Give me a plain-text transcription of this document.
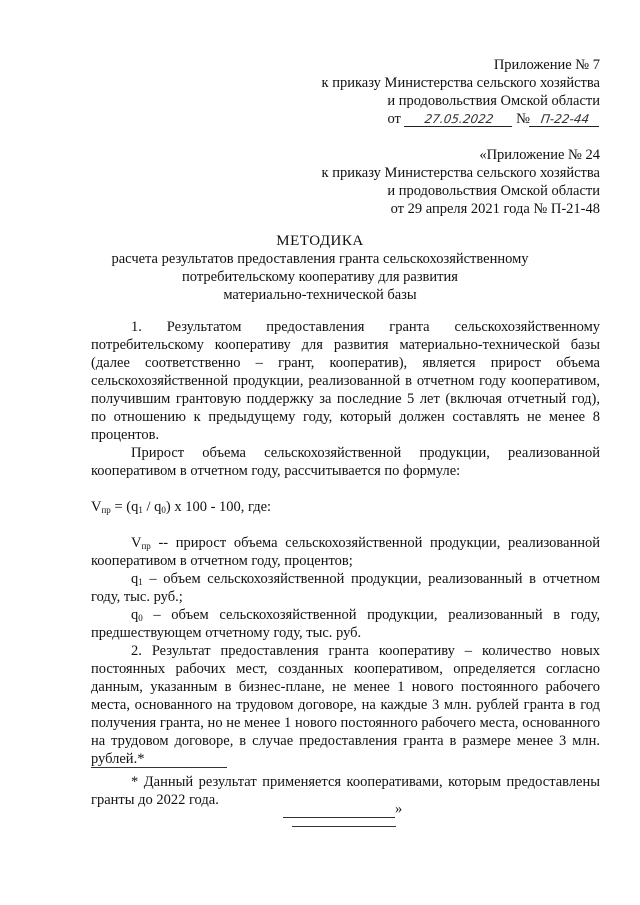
Приложение № 7
к приказу Министерства сельского хозяйства
и продовольствия Омской области
от 27.05.2022 № П-22-44
«Приложение № 24
к приказу Министерства сельского хозяйства
и продовольствия Омской области
от 29 апреля 2021 года № П-21-48
МЕТОДИКА
расчета результатов предоставления гранта сельскохозяйственному
потребительскому кооперативу для развития
материально-технической базы

1. Результатом предоставления гранта сельскохозяйственному потребительскому кооперативу для развития материально-технической базы (далее соответственно – грант, кооператив), является прирост объема сельскохозяйственной продукции, реализованной в отчетном году кооперативом, получившим грантовую поддержку за последние 5 лет (включая отчетный год), по отношению к предыдущему году, который должен составлять не менее 8 процентов.

Прирост объема сельскохозяйственной продукции, реализованной кооперативом в отчетном году, рассчитывается по формуле:

$V_{пр} = (q_1 / q_0)$ x 100 - 100, где:

$V_{пр}$ -- прирост объема сельскохозяйственной продукции, реализованной кооперативом в отчетном году, процентов;

$q_1$ – объем сельскохозяйственной продукции, реализованный в отчетном году, тыс. руб.;

$q_0$ – объем сельскохозяйственной продукции, реализованный в году, предшествующем отчетному году, тыс. руб.

2. Результат предоставления гранта кооперативу – количество новых постоянных рабочих мест, созданных кооперативом, определяется согласно данным, указанным в бизнес-плане, не менее 1 нового постоянного рабочего места, основанного на трудовом договоре, на каждые 3 млн. рублей гранта в год получения гранта, но не менее 1 нового постоянного рабочего места, основанного на трудовом договоре, в случае предоставления гранта в размере менее 3 млн. рублей.*

* Данный результат применяется кооперативами, которым предоставлены гранты до 2022 года.

»
